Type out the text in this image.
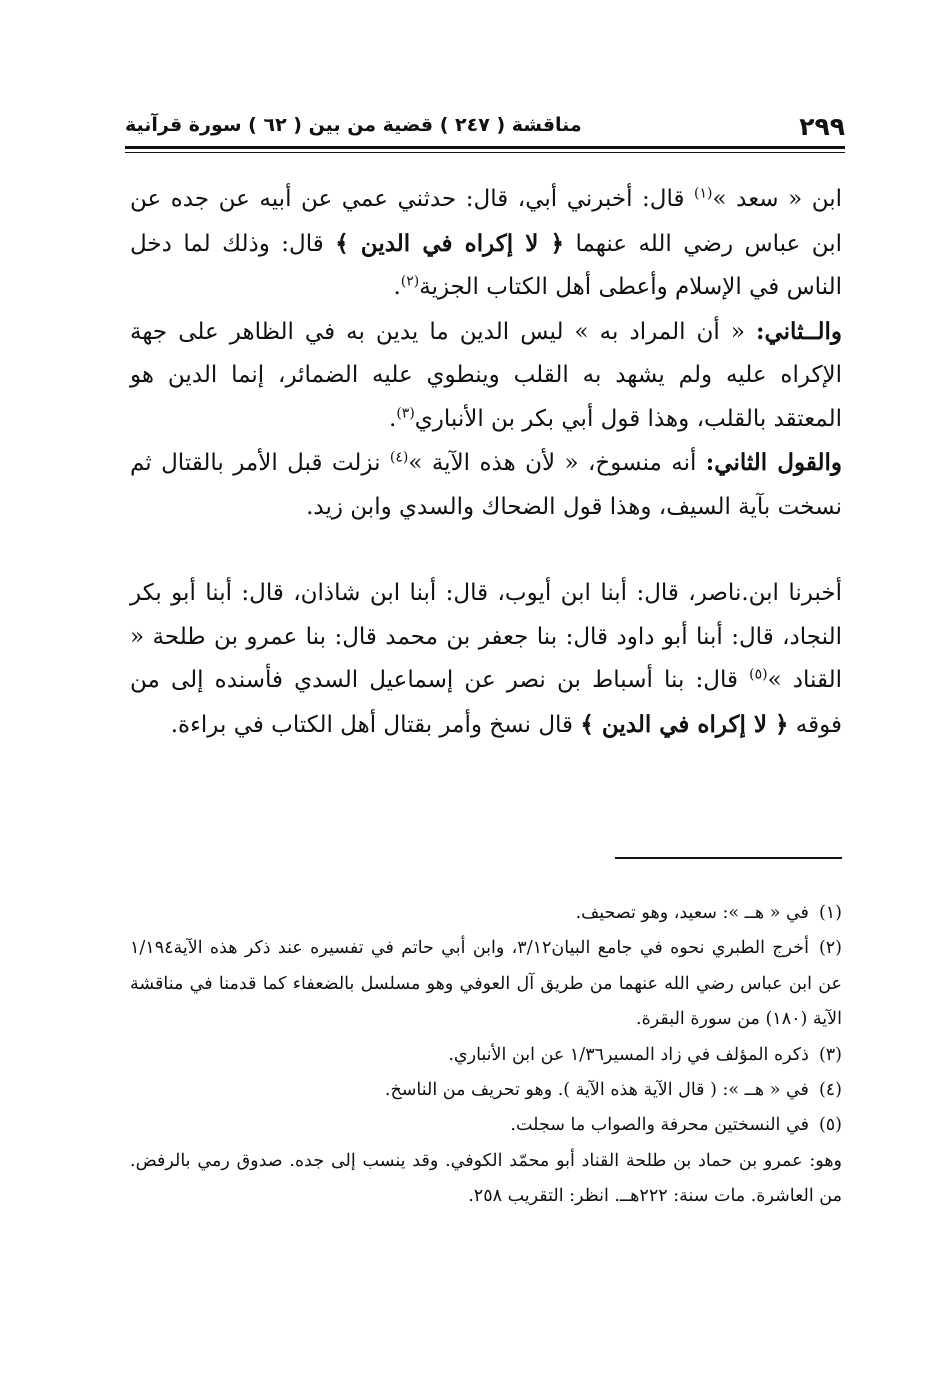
٢٩٩
مناقشة ( ٢٤٧ ) قضية من بين ( ٦٢ ) سورة قرآنية

ابن « سعد »$^{(١)}$ قال: أخبرني أبي، قال: حدثني عمي عن أبيه عن جده عن ابن عباس رضي الله عنهما ﴿ لا إكراه في الدين ﴾ قال: وذلك لما دخل الناس في الإسلام وأعطى أهل الكتاب الجزية$^{(٢)}$.

والــثاني: « أن المراد به » ليس الدين ما يدين به في الظاهر على جهة الإكراه عليه ولم يشهد به القلب وينطوي عليه الضمائر، إنما الدين هو المعتقد بالقلب، وهذا قول أبي بكر بن الأنباري$^{(٣)}$.

والقول الثاني: أنه منسوخ، « لأن هذه الآية »$^{(٤)}$ نزلت قبل الأمر بالقتال ثم نسخت بآية السيف، وهذا قول الضحاك والسدي وابن زيد.

أخبرنا ابن.ناصر، قال: أبنا ابن أيوب، قال: أبنا ابن شاذان، قال: أبنا أبو بكر النجاد، قال: أبنا أبو داود قال: بنا جعفر بن محمد قال: بنا عمرو بن طلحة « القناد »$^{(٥)}$ قال: بنا أسباط بن نصر عن إسماعيل السدي فأسنده إلى من فوقه ﴿ لا إكراه في الدين ﴾ قال نسخ وأمر بقتال أهل الكتاب في براءة.

(١)في « هــ »: سعيد، وهو تصحيف.

(٢)أخرج الطبري نحوه في جامع البيان٣/١٢، وابن أبي حاتم في تفسيره عند ذكر هذه الآية١/١٩٤ عن ابن عباس رضي الله عنهما من طريق آل العوفي وهو مسلسل بالضعفاء كما قدمنا في مناقشة الآية (١٨٠) من سورة البقرة.

(٣)ذكره المؤلف في زاد المسير١/٣٦ عن ابن الأنباري.

(٤)في « هــ »: ( قال الآية هذه الآية ). وهو تحريف من الناسخ.

(٥)في النسختين محرفة والصواب ما سجلت.

وهو: عمرو بن حماد بن طلحة القناد أبو محمّد الكوفي. وقد ينسب إلى جده. صدوق رمي بالرفض. من العاشرة. مات سنة: ٢٢٢هــ. انظر: التقريب ٢٥٨.
